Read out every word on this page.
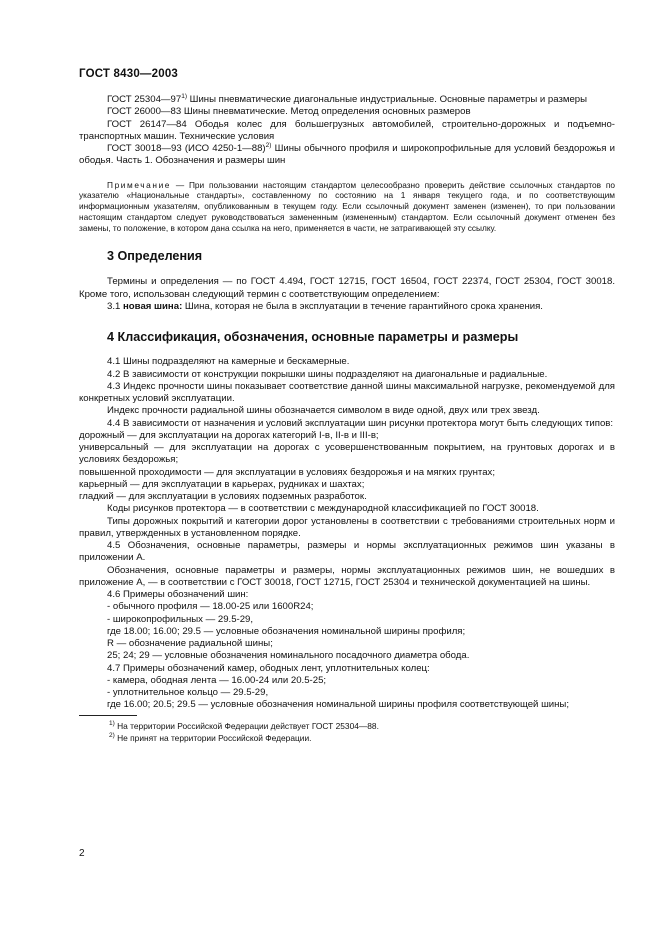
ГОСТ 8430—2003

ГОСТ 25304—97$^{1)}$ Шины пневматические диагональные индустриальные. Основные параметры и размеры

ГОСТ 26000—83 Шины пневматические. Метод определения основных размеров

ГОСТ 26147—84 Ободья колес для большегрузных автомобилей, строительно-дорожных и подъемно-транспортных машин. Технические условия

ГОСТ 30018—93 (ИСО 4250-1—88)$^{2)}$ Шины обычного профиля и широкопрофильные для условий бездорожья и ободья. Часть 1. Обозначения и размеры шин

Примечание — При пользовании настоящим стандартом целесообразно проверить действие ссылочных стандартов по указателю «Национальные стандарты», составленному по состоянию на 1 января текущего года, и по соответствующим информационным указателям, опубликованным в текущем году. Если ссылочный документ заменен (изменен), то при пользовании настоящим стандартом следует руководствоваться замененным (измененным) стандартом. Если ссылочный документ отменен без замены, то положение, в котором дана ссылка на него, применяется в части, не затрагивающей эту ссылку.

3 Определения

Термины и определения — по ГОСТ 4.494, ГОСТ 12715, ГОСТ 16504, ГОСТ 22374, ГОСТ 25304, ГОСТ 30018. Кроме того, использован следующий термин с соответствующим определением:

3.1 новая шина: Шина, которая не была в эксплуатации в течение гарантийного срока хранения.

4 Классификация, обозначения, основные параметры и размеры

4.1 Шины подразделяют на камерные и бескамерные.

4.2 В зависимости от конструкции покрышки шины подразделяют на диагональные и радиальные.

4.3 Индекс прочности шины показывает соответствие данной шины максимальной нагрузке, рекомендуемой для конкретных условий эксплуатации.

Индекс прочности радиальной шины обозначается символом в виде одной, двух или трех звезд.

4.4 В зависимости от назначения и условий эксплуатации шин рисунки протектора могут быть следующих типов:

дорожный — для эксплуатации на дорогах категорий I-в, II-в и III-в;

универсальный — для эксплуатации на дорогах с усовершенствованным покрытием, на грунтовых дорогах и в условиях бездорожья;

повышенной проходимости — для эксплуатации в условиях бездорожья и на мягких грунтах;

карьерный — для эксплуатации в карьерах, рудниках и шахтах;

гладкий — для эксплуатации в условиях подземных разработок.

Коды рисунков протектора — в соответствии с международной классификацией по ГОСТ 30018.

Типы дорожных покрытий и категории дорог установлены в соответствии с требованиями строительных норм и правил, утвержденных в установленном порядке.

4.5 Обозначения, основные параметры, размеры и нормы эксплуатационных режимов шин указаны в приложении А.

Обозначения, основные параметры и размеры, нормы эксплуатационных режимов шин, не вошедших в приложение А, — в соответствии с ГОСТ 30018, ГОСТ 12715, ГОСТ 25304 и технической документацией на шины.

4.6 Примеры обозначений шин:

- обычного профиля — 18.00-25 или 1600R24;

- широкопрофильных — 29.5-29,

где 18.00; 16.00; 29.5 — условные обозначения номинальной ширины профиля;

R — обозначение радиальной шины;

25; 24; 29 — условные обозначения номинального посадочного диаметра обода.

4.7 Примеры обозначений камер, ободных лент, уплотнительных колец:

- камера, ободная лента — 16.00-24 или 20.5-25;

- уплотнительное кольцо — 29.5-29,

где 16.00; 20.5; 29.5 — условные обозначения номинальной ширины профиля соответствующей шины;

$^{1)}$ На территории Российской Федерации действует ГОСТ 25304—88.

$^{2)}$ Не принят на территории Российской Федерации.

2
